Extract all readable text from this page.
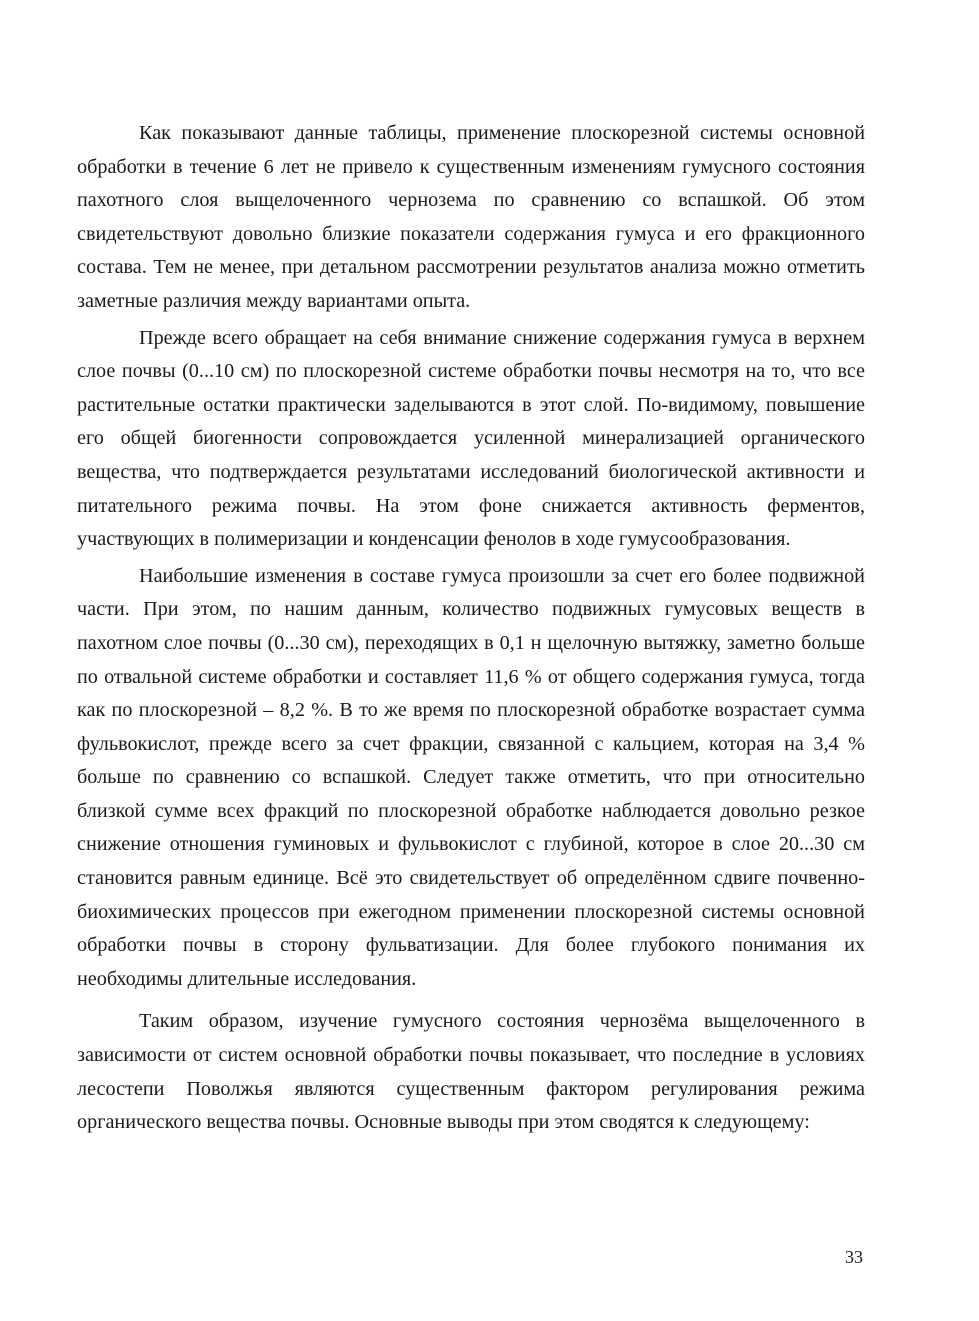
Как показывают данные таблицы, применение плоскорезной системы основной обработки в течение 6 лет не привело к существенным изменениям гумусного состояния пахотного слоя выщелоченного чернозема по сравнению со вспашкой. Об этом свидетельствуют довольно близкие показатели содержания гумуса и его фракционного состава. Тем не менее, при детальном рассмотрении результатов анализа можно отметить заметные различия между вариантами опыта.

Прежде всего обращает на себя внимание снижение содержания гумуса в верхнем слое почвы (0...10 см) по плоскорезной системе обработки почвы несмотря на то, что все растительные остатки практически заделываются в этот слой. По-видимому, повышение его общей биогенности сопровождается усиленной минерализацией органического вещества, что подтверждается результатами исследований биологической активности и питательного режима почвы. На этом фоне снижается активность ферментов, участвующих в полимеризации и конденсации фенолов в ходе гумусообразования.

Наибольшие изменения в составе гумуса произошли за счет его более подвижной части. При этом, по нашим данным, количество подвижных гумусовых веществ в пахотном слое почвы (0...30 см), переходящих в 0,1 н щелочную вытяжку, заметно больше по отвальной системе обработки и составляет 11,6 % от общего содержания гумуса, тогда как по плоскорезной – 8,2 %. В то же время по плоскорезной обработке возрастает сумма фульвокислот, прежде всего за счет фракции, связанной с кальцием, которая на 3,4 % больше по сравнению со вспашкой. Следует также отметить, что при относительно близкой сумме всех фракций по плоскорезной обработке наблюдается довольно резкое снижение отношения гуминовых и фульвокислот с глубиной, которое в слое 20...30 см становится равным единице. Всё это свидетельствует об определённом сдвиге почвенно-биохимических процессов при ежегодном применении плоскорезной системы основной обработки почвы в сторону фульватизации. Для более глубокого понимания их необходимы длительные исследования.

Таким образом, изучение гумусного состояния чернозёма выщелоченного в зависимости от систем основной обработки почвы показывает, что последние в условиях лесостепи Поволжья являются существенным фактором регулирования режима органического вещества почвы. Основные выводы при этом сводятся к следующему:

33
